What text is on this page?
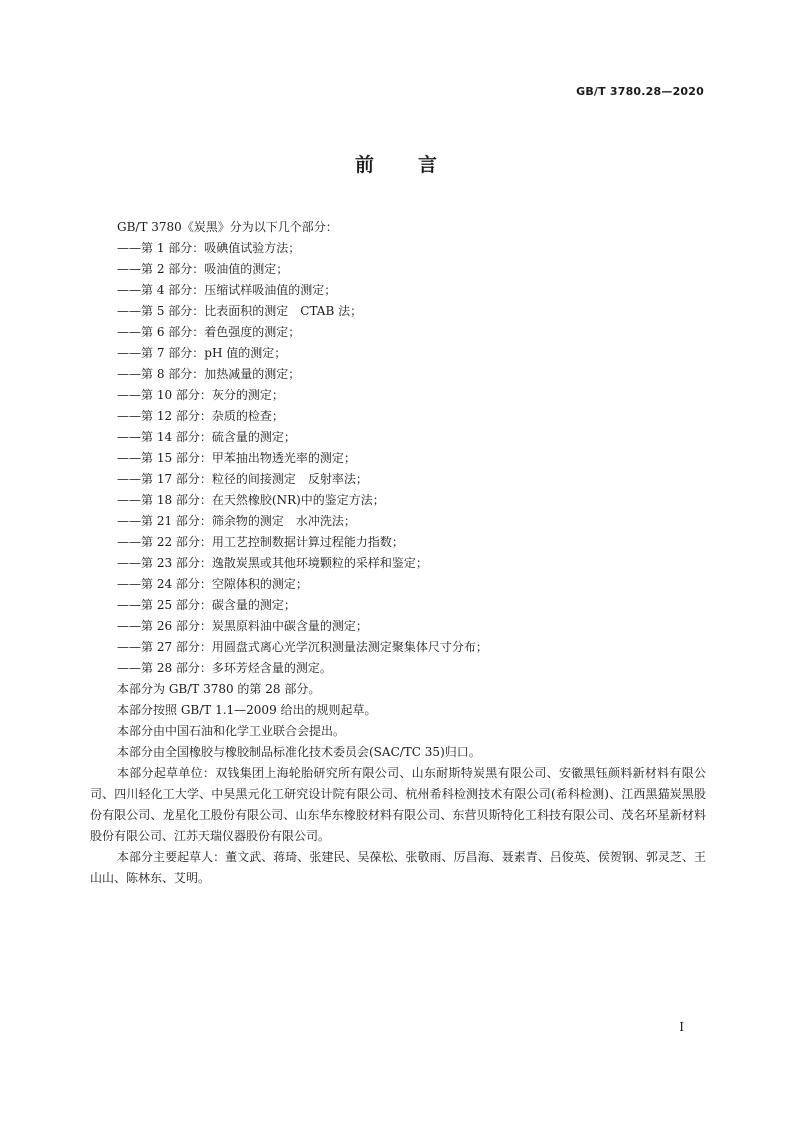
GB/T 3780.28—2020
前 言

GB/T 3780《炭黑》分为以下几个部分：

——第 1 部分：吸碘值试验方法；
——第 2 部分：吸油值的测定；
——第 4 部分：压缩试样吸油值的测定；
——第 5 部分：比表面积的测定　CTAB 法；
——第 6 部分：着色强度的测定；
——第 7 部分：pH 值的测定；
——第 8 部分：加热减量的测定；
——第 10 部分：灰分的测定；
——第 12 部分：杂质的检查；
——第 14 部分：硫含量的测定；
——第 15 部分：甲苯抽出物透光率的测定；
——第 17 部分：粒径的间接测定　反射率法；
——第 18 部分：在天然橡胶(NR)中的鉴定方法；
——第 21 部分：筛余物的测定　水冲洗法；
——第 22 部分：用工艺控制数据计算过程能力指数；
——第 23 部分：逸散炭黑或其他环境颗粒的采样和鉴定；
——第 24 部分：空隙体积的测定；
——第 25 部分：碳含量的测定；
——第 26 部分：炭黑原料油中碳含量的测定；
——第 27 部分：用圆盘式离心光学沉积测量法测定聚集体尺寸分布；
——第 28 部分：多环芳烃含量的测定。

本部分为 GB/T 3780 的第 28 部分。

本部分按照 GB/T 1.1—2009 给出的规则起草。

本部分由中国石油和化学工业联合会提出。

本部分由全国橡胶与橡胶制品标准化技术委员会(SAC/TC 35)归口。

本部分起草单位：双钱集团上海轮胎研究所有限公司、山东耐斯特炭黑有限公司、安徽黑钰颜料新材料有限公司、四川轻化工大学、中昊黑元化工研究设计院有限公司、杭州希科检测技术有限公司(希科检测)、江西黑猫炭黑股份有限公司、龙星化工股份有限公司、山东华东橡胶材料有限公司、东营贝斯特化工科技有限公司、茂名环星新材料股份有限公司、江苏天瑞仪器股份有限公司。

本部分主要起草人：董文武、蒋琦、张建民、吴葆松、张敬雨、厉昌海、聂素青、吕俊英、侯贺钢、郭灵芝、王山山、陈林东、艾明。

I
